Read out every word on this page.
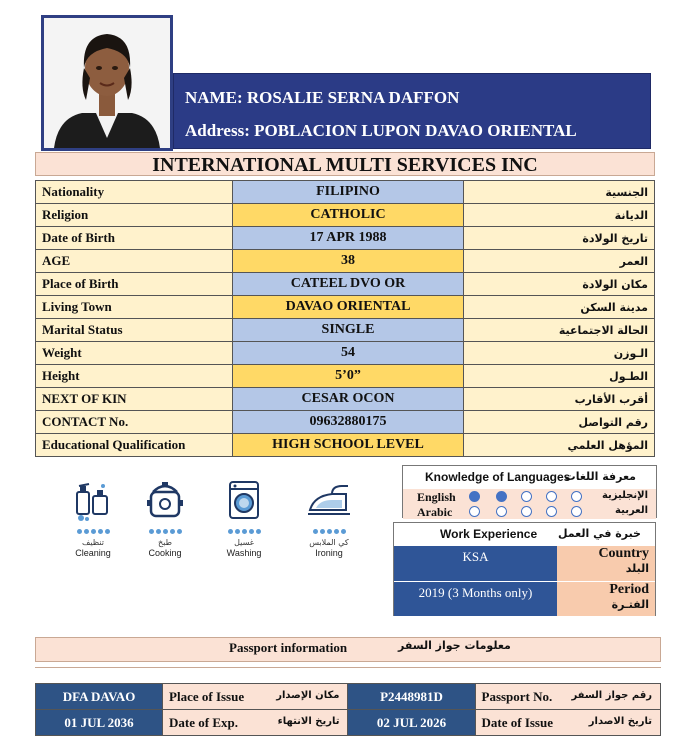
NAME: ROSALIE SERNA DAFFON
Address: POBLACION LUPON DAVAO ORIENTAL
INTERNATIONAL MULTI SERVICES INC
Nationality	FILIPINO	الجنسية
Religion	CATHOLIC	الديانة
Date of Birth	17 APR 1988	تاريخ الولادة
AGE	38	العمر
Place of Birth	CATEEL DVO OR	مكان الولادة
Living Town	DAVAO ORIENTAL	مدينة السكن
Marital Status	SINGLE	الحالة الاجتماعية
Weight	54	الـوزن
Height	5’0”	الطـول
NEXT OF KIN	CESAR OCON	أقرب الأقارب
CONTACT No.	09632880175	رقم التواصل
Educational Qualification	HIGH SCHOOL LEVEL	المؤهل العلمي
تنظيف
Cleaning
طبخ
Cooking
غسيل
Washing
كي الملابس
Ironing
Knowledge of Languages
معرفة اللغات
English	الإنجليزية
Arabic	العربية
Work Experience خبرة في العمل
KSA	Country
البلد
2019 (3 Months only)	Period
الفتـرة
Passport information	معلومات جواز السفر
DFA DAVAO	Place of Issue مكان الإصدار	P2448981D	Passport No. رقم جواز السفر

01 JUL 2036	Date of Exp. تاريخ الانتهاء	02 JUL 2026	Date of Issue تاريخ الاصدار
